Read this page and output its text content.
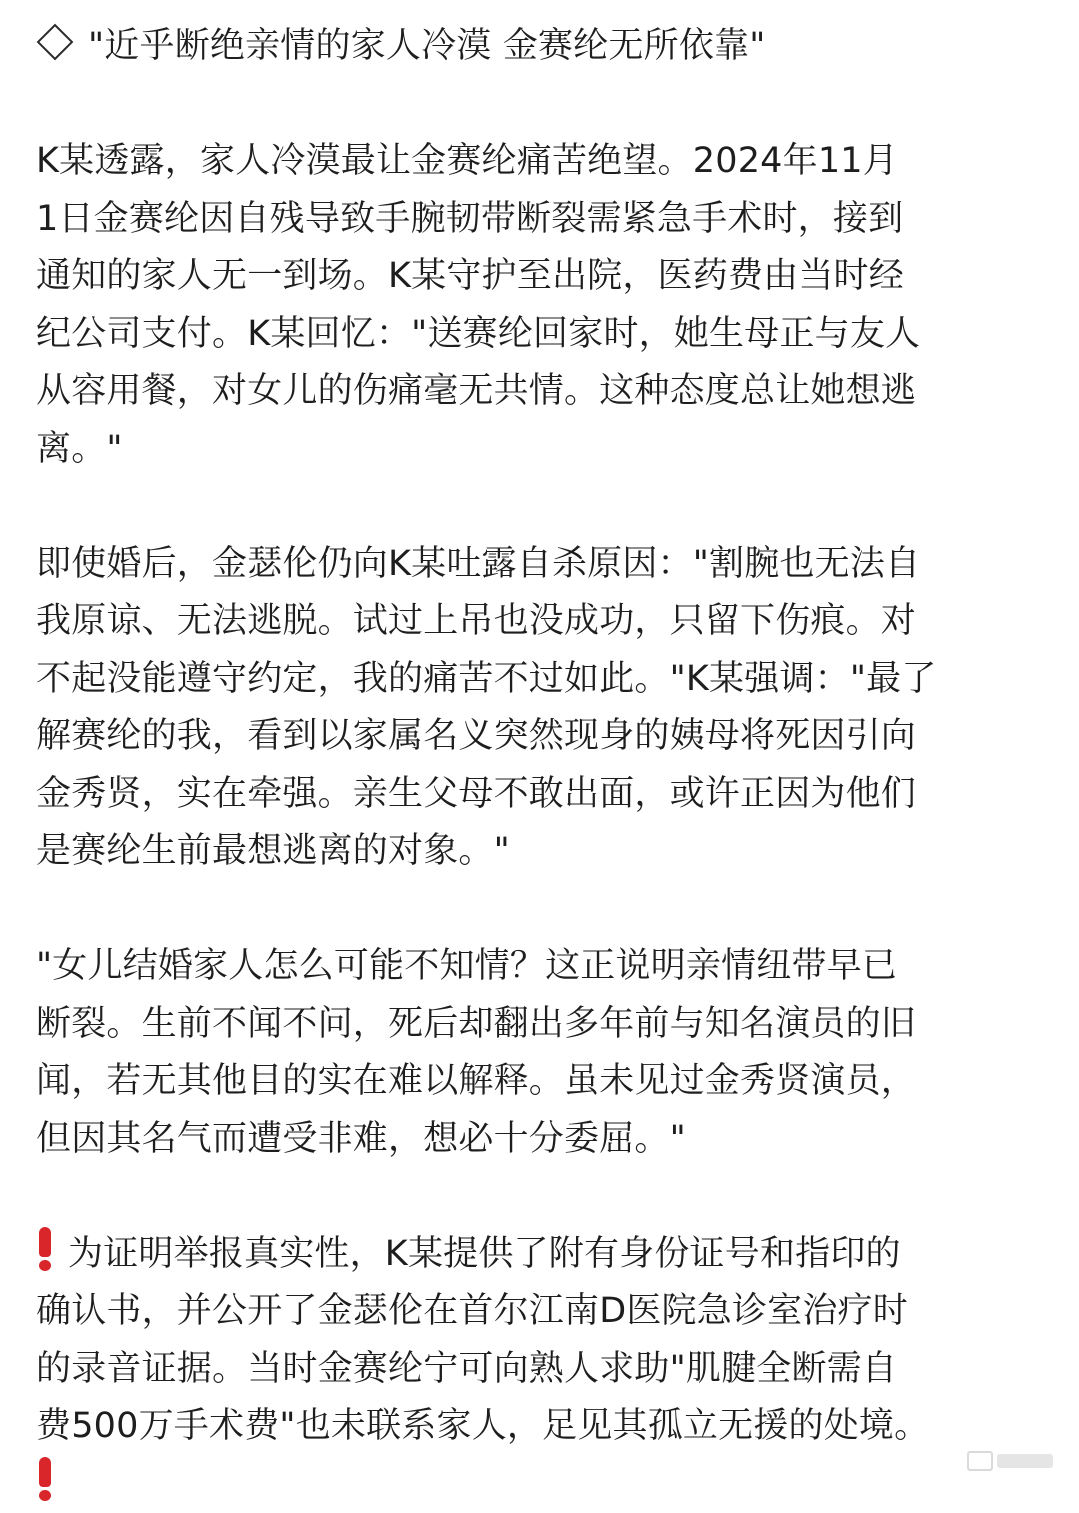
"近乎断绝亲情的家人冷漠 金赛纶无所依靠"
K某透露，家人冷漠最让金赛纶痛苦绝望。2024年11月
1日金赛纶因自残导致手腕韧带断裂需紧急手术时，接到
通知的家人无一到场。K某守护至出院，医药费由当时经
纪公司支付。K某回忆："送赛纶回家时，她生母正与友人
从容用餐，对女儿的伤痛毫无共情。这种态度总让她想逃
离。"
即使婚后，金瑟伦仍向K某吐露自杀原因："割腕也无法自
我原谅、无法逃脱。试过上吊也没成功，只留下伤痕。对
不起没能遵守约定，我的痛苦不过如此。"K某强调："最了
解赛纶的我，看到以家属名义突然现身的姨母将死因引向
金秀贤，实在牵强。亲生父母不敢出面，或许正因为他们
是赛纶生前最想逃离的对象。"
"女儿结婚家人怎么可能不知情？这正说明亲情纽带早已
断裂。生前不闻不问，死后却翻出多年前与知名演员的旧
闻，若无其他目的实在难以解释。虽未见过金秀贤演员，
但因其名气而遭受非难，想必十分委屈。"
为证明举报真实性，K某提供了附有身份证号和指印的
确认书，并公开了金瑟伦在首尔江南D医院急诊室治疗时
的录音证据。当时金赛纶宁可向熟人求助"肌腱全断需自
费500万手术费"也未联系家人，足见其孤立无援的处境。
